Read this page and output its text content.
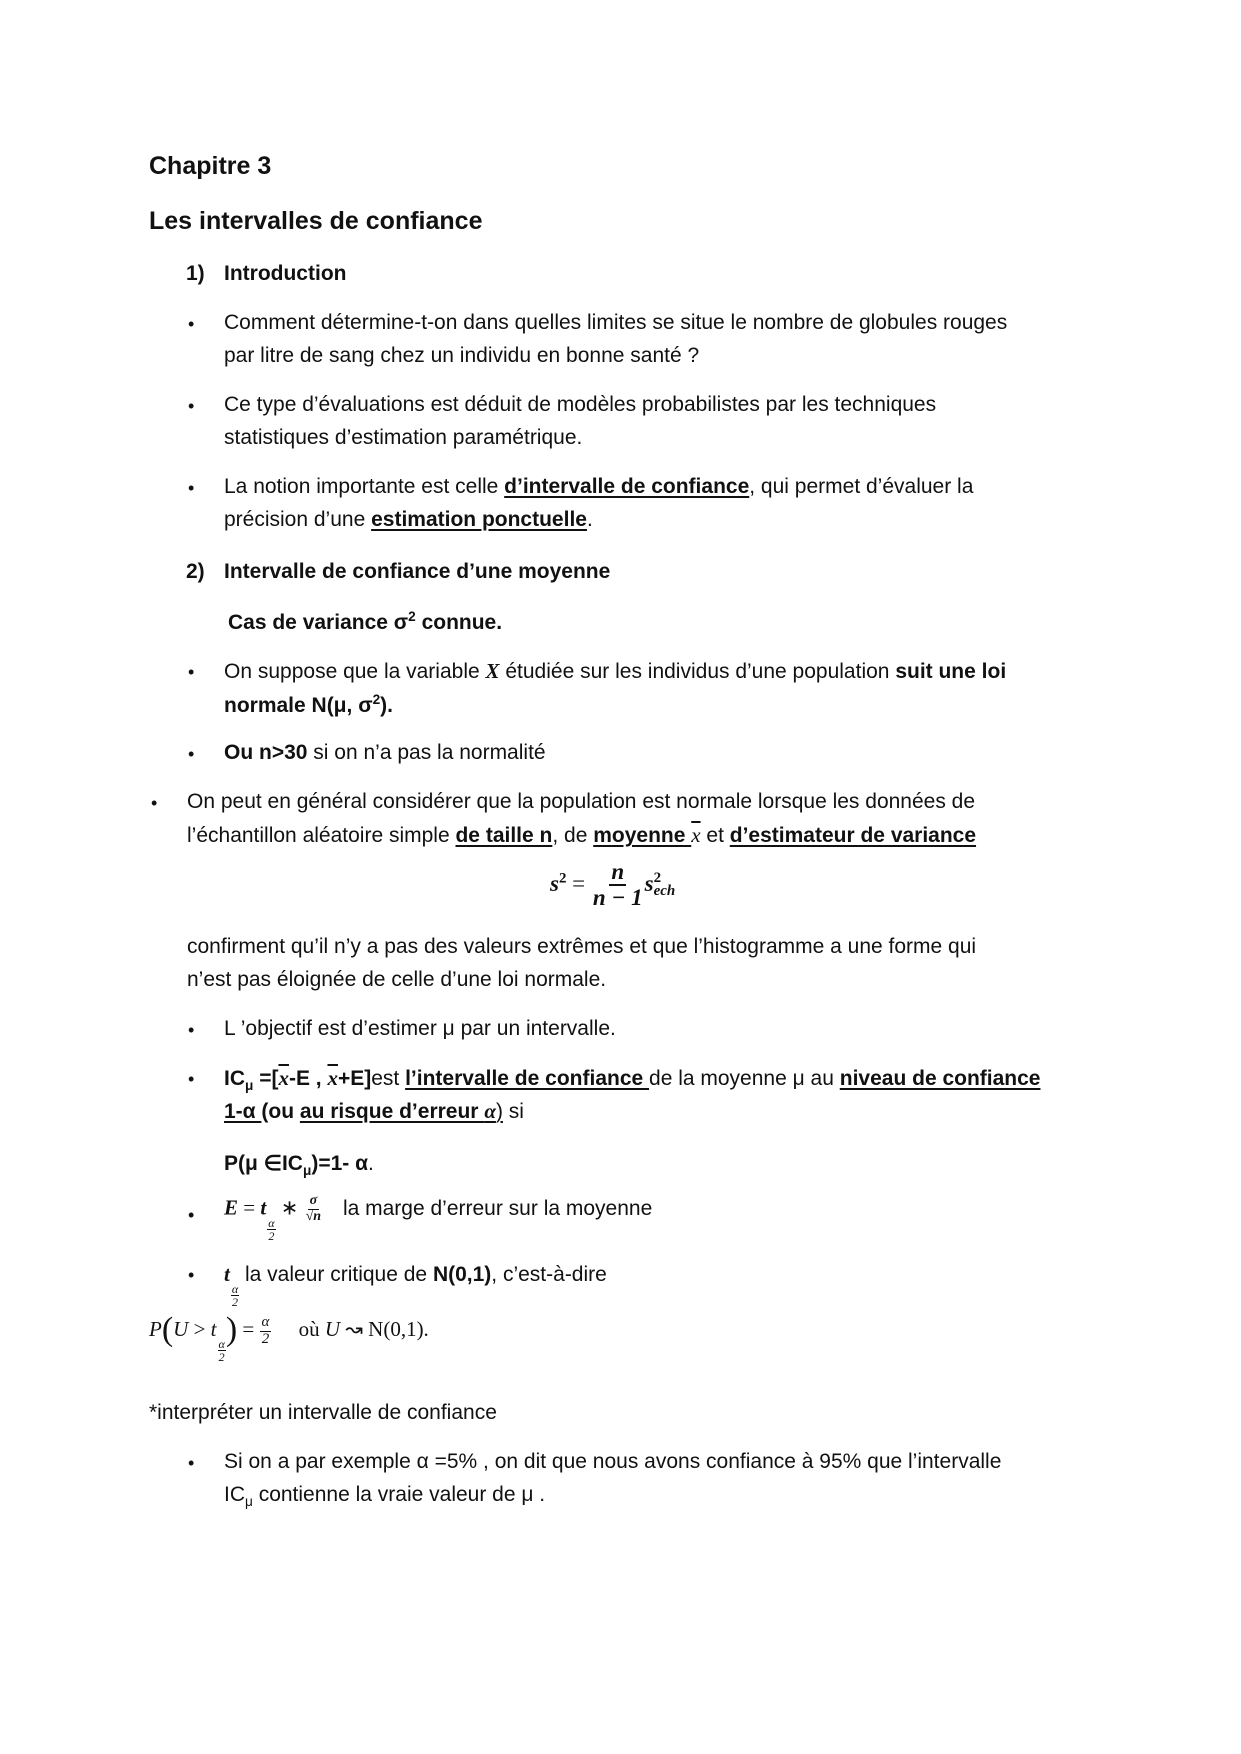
Chapitre 3
Les intervalles de confiance
1) Introduction
• Comment détermine-t-on dans quelles limites se situe le nombre de globules rouges
par litre de sang chez un individu en bonne santé ?
• Ce type d’évaluations est déduit de modèles probabilistes par les techniques
statistiques d’estimation paramétrique.
• La notion importante est celle d’intervalle de confiance, qui permet d’évaluer la
précision d’une estimation ponctuelle.
2) Intervalle de confiance d’une moyenne
Cas de variance $\sigma^2$ connue.
• On suppose que la variable X étudiée sur les individus d’une population suit une loi
normale N(μ, $\sigma^2$).
• Ou n>30 si on n’a pas la normalité
• On peut en général considérer que la population est normale lorsque les données de
l’échantillon aléatoire simple de taille n, de moyenne $\overline{x}$ et d’estimateur de variance
$s^2 = \frac{n}{n - 1}$ s 2
ech
confirment qu’il n’y a pas des valeurs extrêmes et que l’histogramme a une forme qui
n’est pas éloignée de celle d’une loi normale.
• L ’objectif est d’estimer μ par un intervalle.
• $IC_\mu =[\overline{x}-E$ , $\overline{x}+E]est$ l’intervalle de confiance de la moyenne μ au niveau de confiance
1-α (ou au risque d’erreur α) si
P(μ $\in IC_\mu)=1-$ α.
• E = t
$\frac{\alpha}{2}$
∗ $\frac{\sigma}{√n}$ la marge d’erreur sur la moyenne
• t
$\frac{\alpha}{2}$
la valeur critique de N(0,1), c’est-à-dire
P(U > t
$\frac{\alpha}{2}$
) = $\frac{\alpha}{2}$ où U ↝ N(0,1).
*interpréter un intervalle de confiance
• Si on a par exemple α =5% , on dit que nous avons confiance à 95% que l’intervalle
$IC_\mu$ contienne la vraie valeur de μ .
